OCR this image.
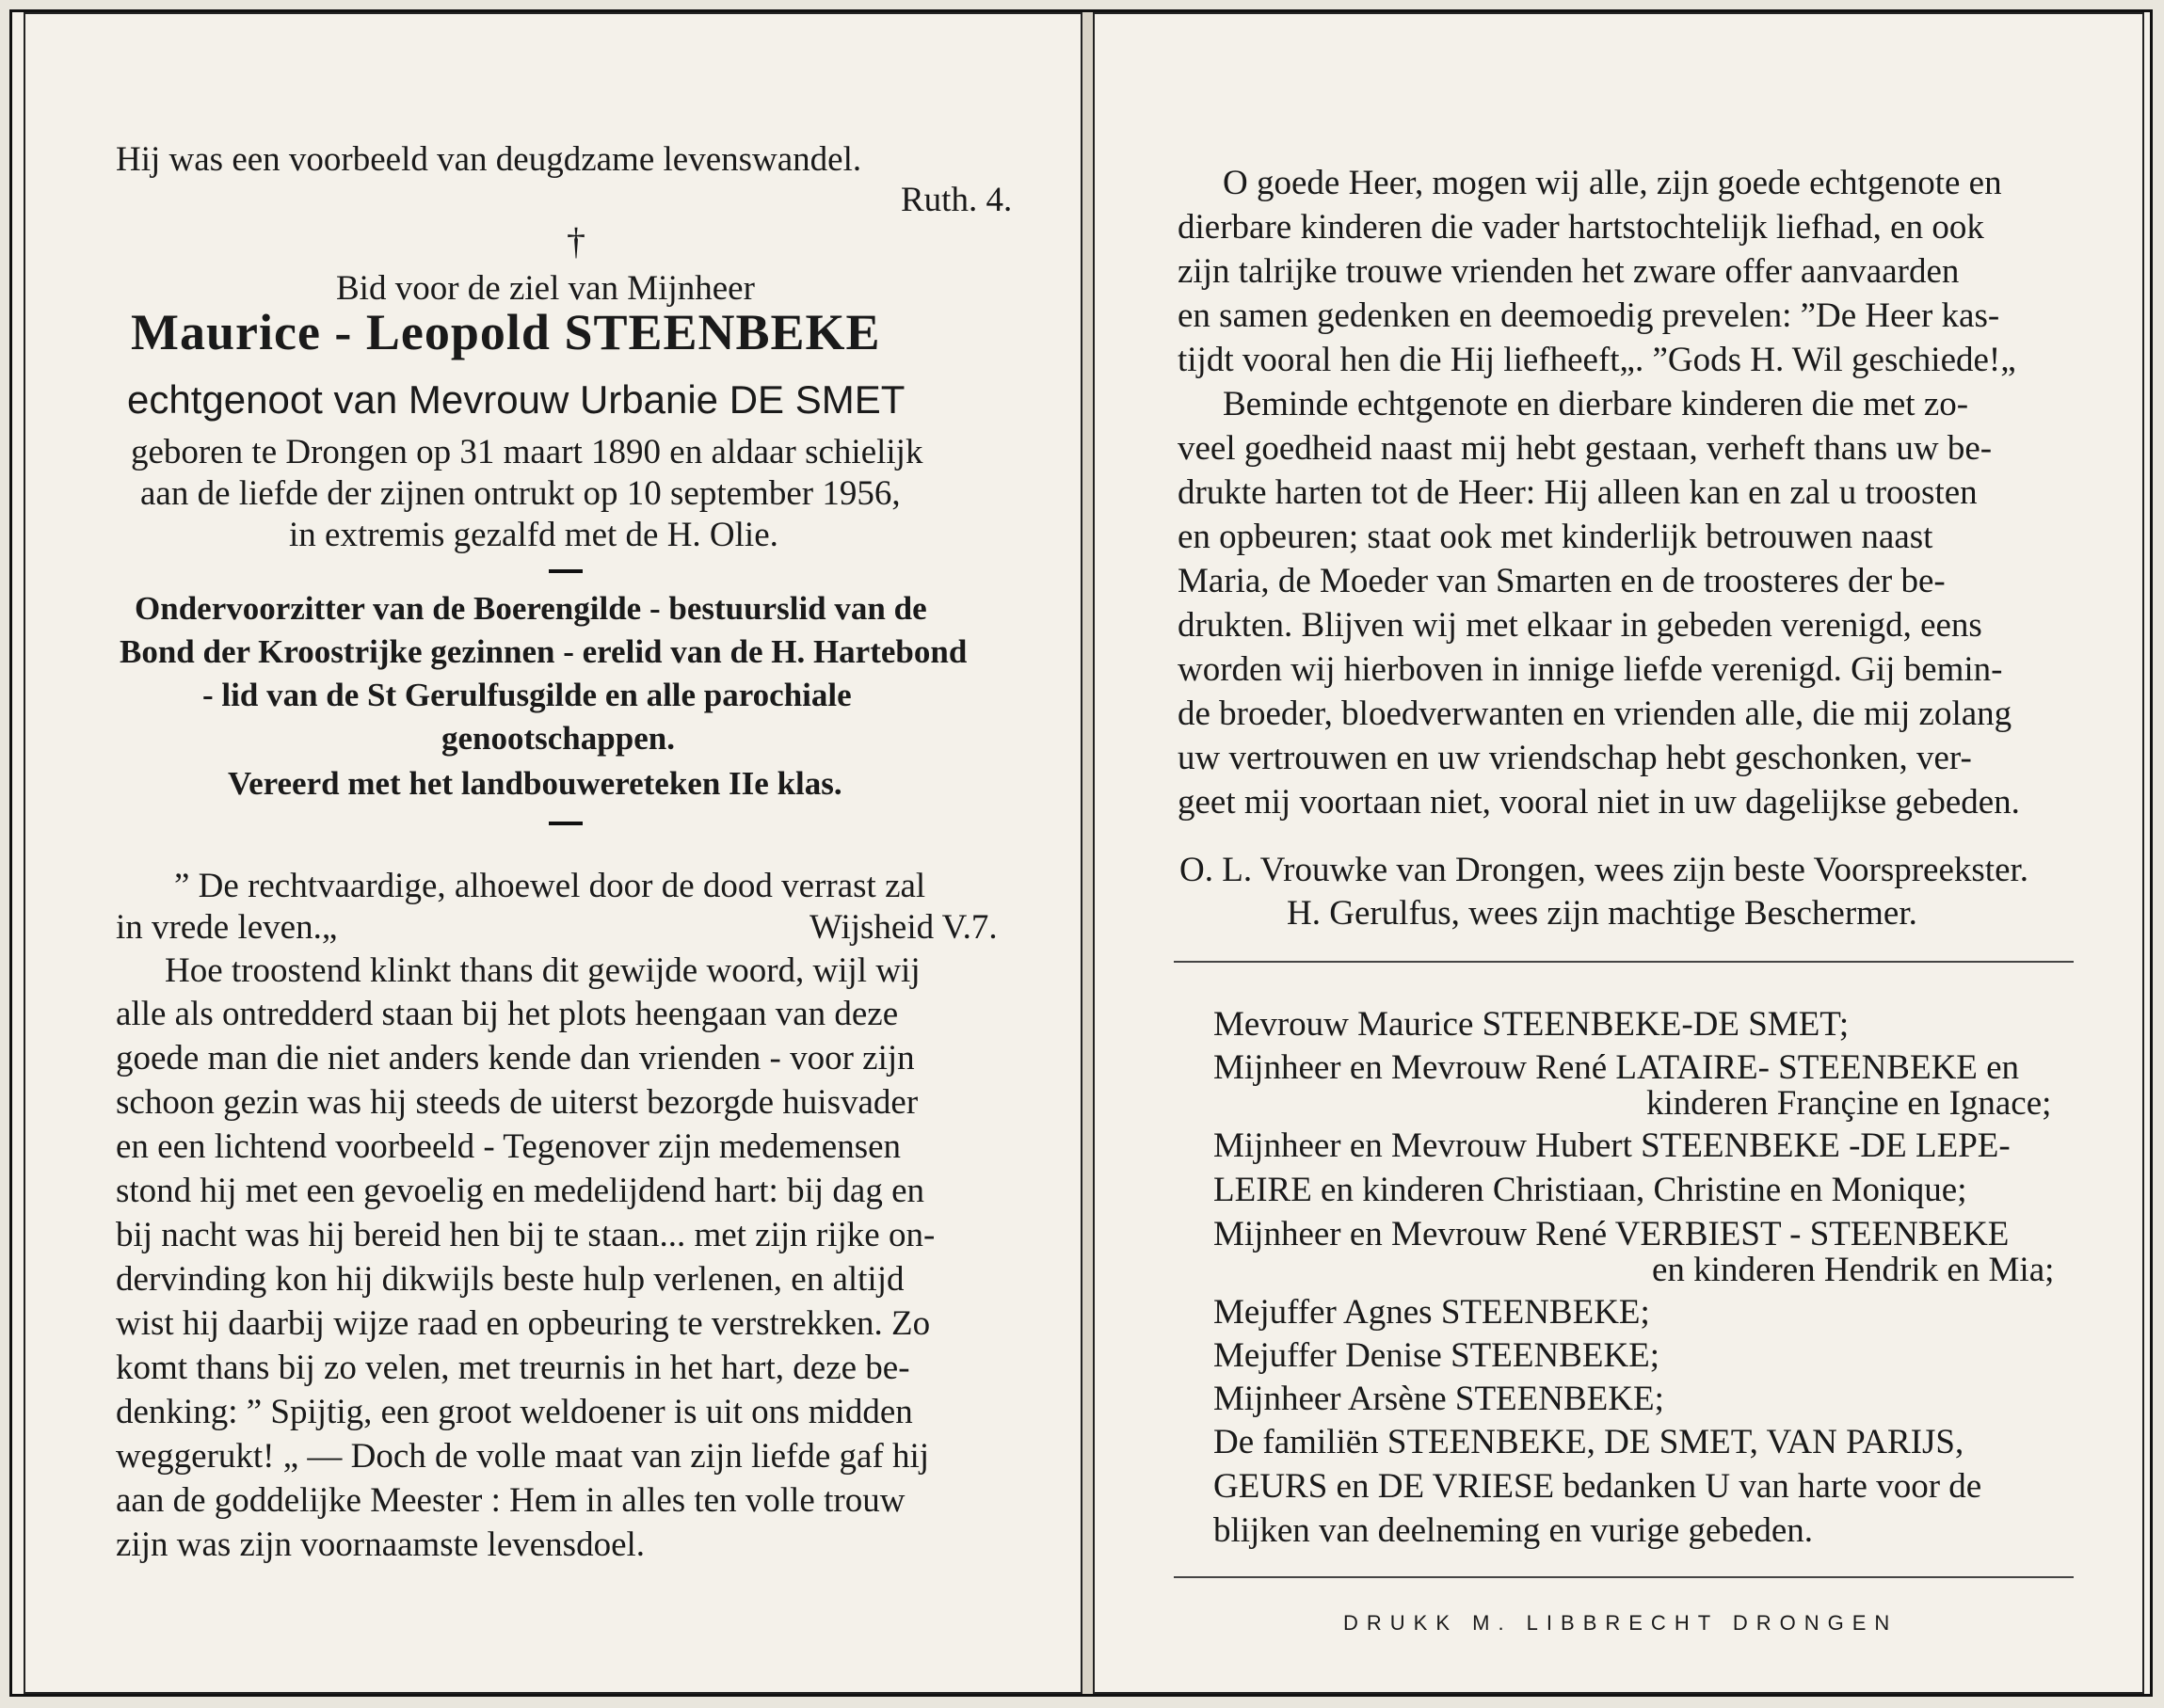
Hij was een voorbeeld van deugdzame levenswandel.
Ruth. 4.
†
Bid voor de ziel van Mijnheer
Maurice - Leopold STEENBEKE
echtgenoot van Mevrouw Urbanie DE SMET
geboren te Drongen op 31 maart 1890 en aldaar schielijk
aan de liefde der zijnen ontrukt op 10 september 1956,
in extremis gezalfd met de H. Olie.
Ondervoorzitter van de Boerengilde - bestuurslid van de
Bond der Kroostrijke gezinnen - erelid van de H. Hartebond
- lid van de St Gerulfusgilde en alle parochiale
genootschappen.
Vereerd met het landbouwereteken IIe klas.
” De rechtvaardige, alhoewel door de dood verrast zal
in vrede leven.„	Wijsheid V.7.
Hoe troostend klinkt thans dit gewijde woord, wijl wij
alle als ontredderd staan bij het plots heengaan van deze
goede man die niet anders kende dan vrienden - voor zijn
schoon gezin was hij steeds de uiterst bezorgde huisvader
en een lichtend voorbeeld - Tegenover zijn medemensen
stond hij met een gevoelig en medelijdend hart: bij dag en
bij nacht was hij bereid hen bij te staan... met zijn rijke on-
dervinding kon hij dikwijls beste hulp verlenen, en altijd
wist hij daarbij wijze raad en opbeuring te verstrekken. Zo
komt thans bij zo velen, met treurnis in het hart, deze be-
denking: ” Spijtig, een groot weldoener is uit ons midden
weggerukt! „ — Doch de volle maat van zijn liefde gaf hij
aan de goddelijke Meester : Hem in alles ten volle trouw
zijn was zijn voornaamste levensdoel.
O goede Heer, mogen wij alle, zijn goede echtgenote en
dierbare kinderen die vader hartstochtelijk liefhad, en ook
zijn talrijke trouwe vrienden het zware offer aanvaarden
en samen gedenken en deemoedig prevelen: ”De Heer kas-
tijdt vooral hen die Hij liefheeft„. ”Gods H. Wil geschiede!„
Beminde echtgenote en dierbare kinderen die met zo-
veel goedheid naast mij hebt gestaan, verheft thans uw be-
drukte harten tot de Heer: Hij alleen kan en zal u troosten
en opbeuren; staat ook met kinderlijk betrouwen naast
Maria, de Moeder van Smarten en de troosteres der be-
drukten. Blijven wij met elkaar in gebeden verenigd, eens
worden wij hierboven in innige liefde verenigd. Gij bemin-
de broeder, bloedverwanten en vrienden alle, die mij zolang
uw vertrouwen en uw vriendschap hebt geschonken, ver-
geet mij voortaan niet, vooral niet in uw dagelijkse gebeden.
O. L. Vrouwke van Drongen, wees zijn beste Voorspreekster.
H. Gerulfus, wees zijn machtige Beschermer.
Mevrouw Maurice STEENBEKE-DE SMET;
Mijnheer en Mevrouw René LATAIRE- STEENBEKE en
kinderen Françine en Ignace;
Mijnheer en Mevrouw Hubert STEENBEKE -DE LEPE-
LEIRE en kinderen Christiaan, Christine en Monique;
Mijnheer en Mevrouw René VERBIEST - STEENBEKE
en kinderen Hendrik en Mia;
Mejuffer Agnes STEENBEKE;
Mejuffer Denise STEENBEKE;
Mijnheer Arsène STEENBEKE;
De familiën STEENBEKE, DE SMET, VAN PARIJS,
GEURS en DE VRIESE bedanken U van harte voor de
blijken van deelneming en vurige gebeden.
DRUKK M. LIBBRECHT DRONGEN
